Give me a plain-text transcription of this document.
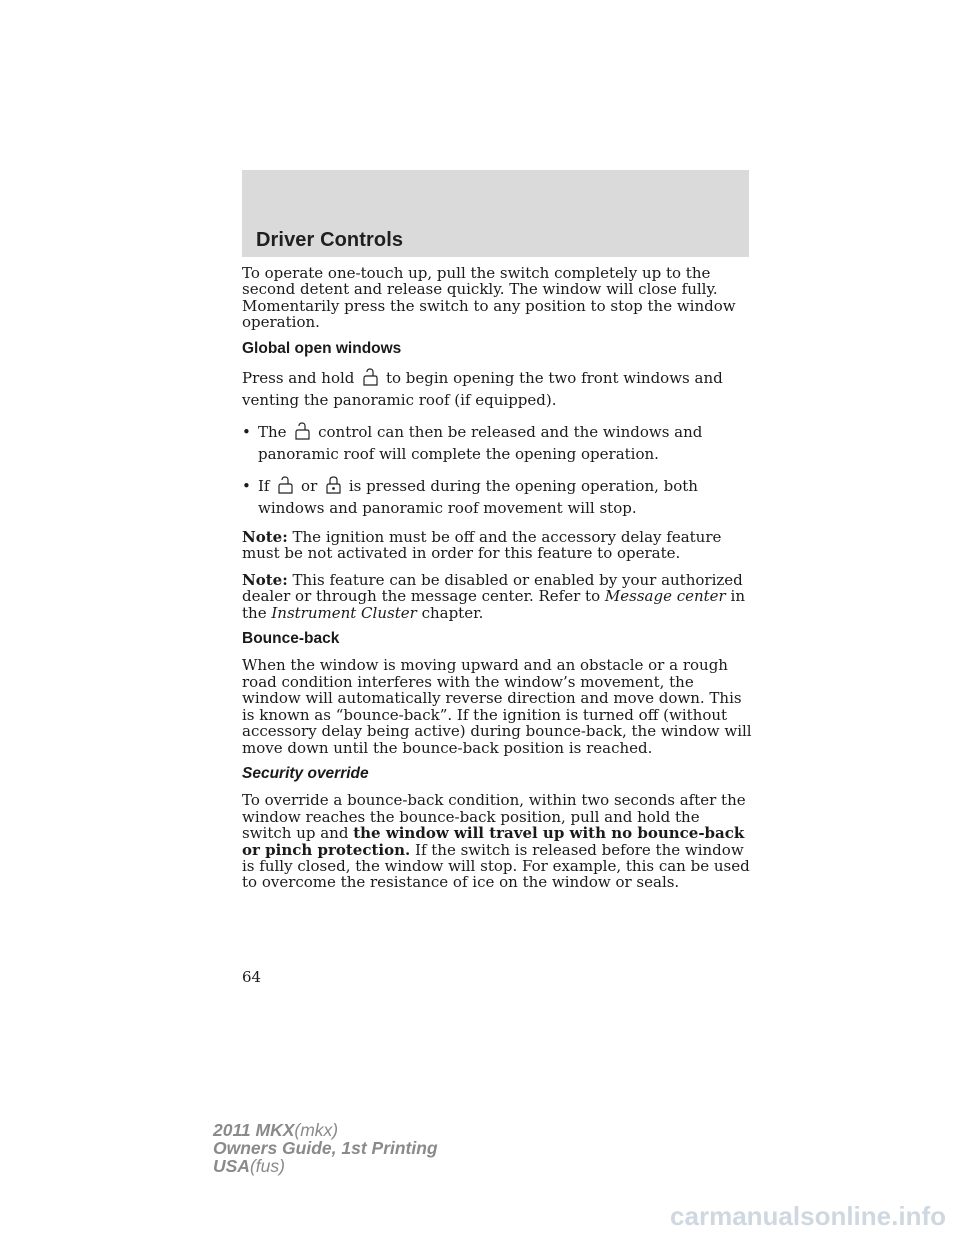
Driver Controls

To operate one-touch up, pull the switch completely up to the second detent and release quickly. The window will close fully. Momentarily press the switch to any position to stop the window operation.

Global open windows

Press and hold to begin opening the two front windows and venting the panoramic roof (if equipped).

• The control can then be released and the windows and panoramic roof will complete the opening operation.
• If or is pressed during the opening operation, both windows and panoramic roof movement will stop.

Note: The ignition must be off and the accessory delay feature must be not activated in order for this feature to operate.

Note: This feature can be disabled or enabled by your authorized dealer or through the message center. Refer to Message center in the Instrument Cluster chapter.

Bounce-back

When the window is moving upward and an obstacle or a rough road condition interferes with the window’s movement, the window will automatically reverse direction and move down. This is known as “bounce-back”. If the ignition is turned off (without accessory delay being active) during bounce-back, the window will move down until the bounce-back position is reached.

Security override

To override a bounce-back condition, within two seconds after the window reaches the bounce-back position, pull and hold the switch up and the window will travel up with no bounce-back or pinch protection. If the switch is released before the window is fully closed, the window will stop. For example, this can be used to overcome the resistance of ice on the window or seals.

64
2011 MKX(mkx)
Owners Guide, 1st Printing
USA(fus)
carmanualsonline.info
